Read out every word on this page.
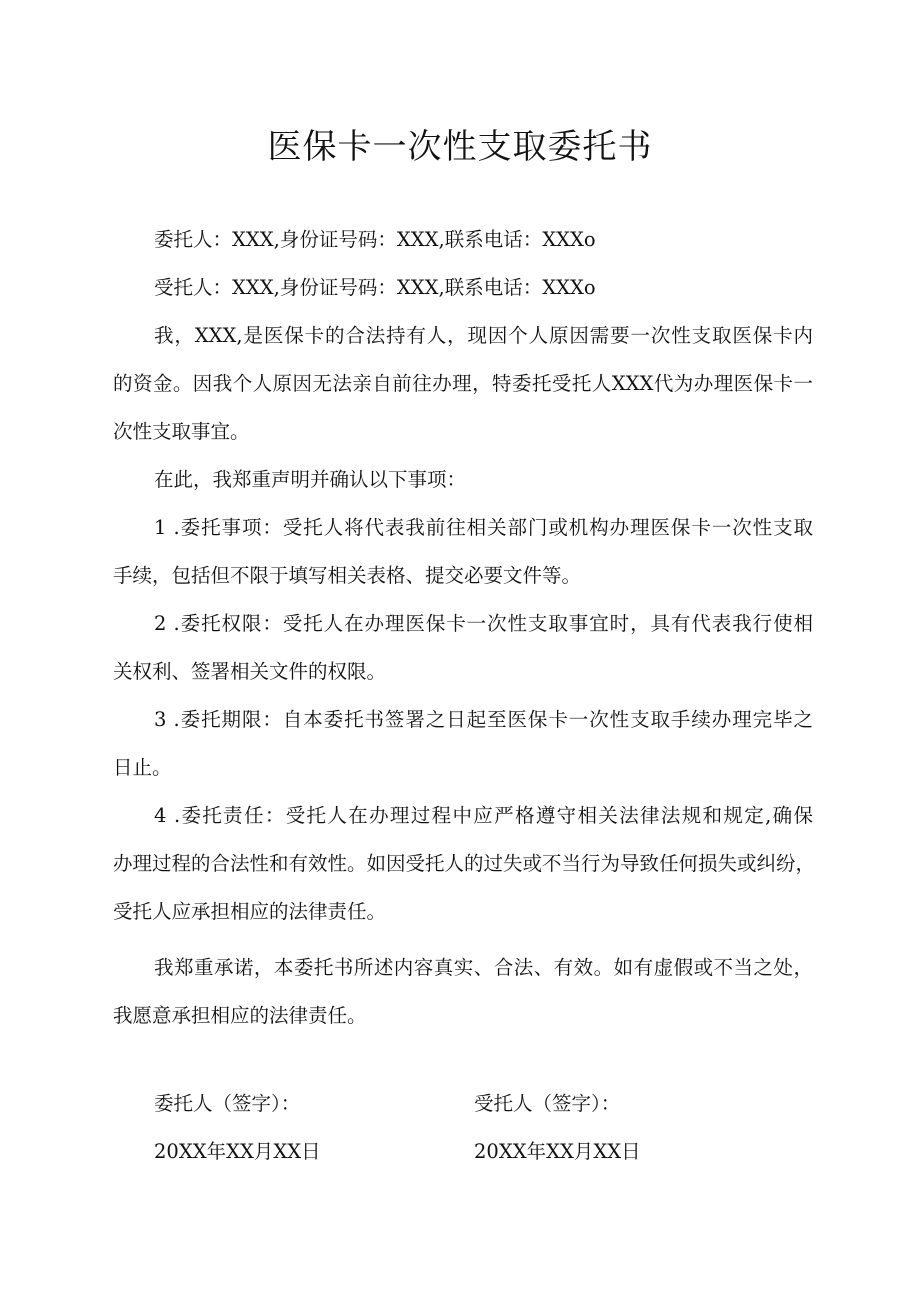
医保卡一次性支取委托书

委托人：XXX,身份证号码：XXX,联系电话：XXXo

受托人：XXX,身份证号码：XXX,联系电话：XXXo

我，XXX,是医保卡的合法持有人，现因个人原因需要一次性支取医保卡内

的资金。因我个人原因无法亲自前往办理，特委托受托人XXX代为办理医保卡一

次性支取事宜。

在此，我郑重声明并确认以下事项：

1 .委托事项：受托人将代表我前往相关部门或机构办理医保卡一次性支取

手续，包括但不限于填写相关表格、提交必要文件等。

2 .委托权限：受托人在办理医保卡一次性支取事宜时，具有代表我行使相

关权利、签署相关文件的权限。

3 .委托期限：自本委托书签署之日起至医保卡一次性支取手续办理完毕之

日止。

4 .委托责任：受托人在办理过程中应严格遵守相关法律法规和规定,确保

办理过程的合法性和有效性。如因受托人的过失或不当行为导致任何损失或纠纷，

受托人应承担相应的法律责任。

我郑重承诺，本委托书所述内容真实、合法、有效。如有虚假或不当之处，

我愿意承担相应的法律责任。

委托人（签字）：	受托人（签字）：

20XX年XX月XX日	20XX年XX月XX日
